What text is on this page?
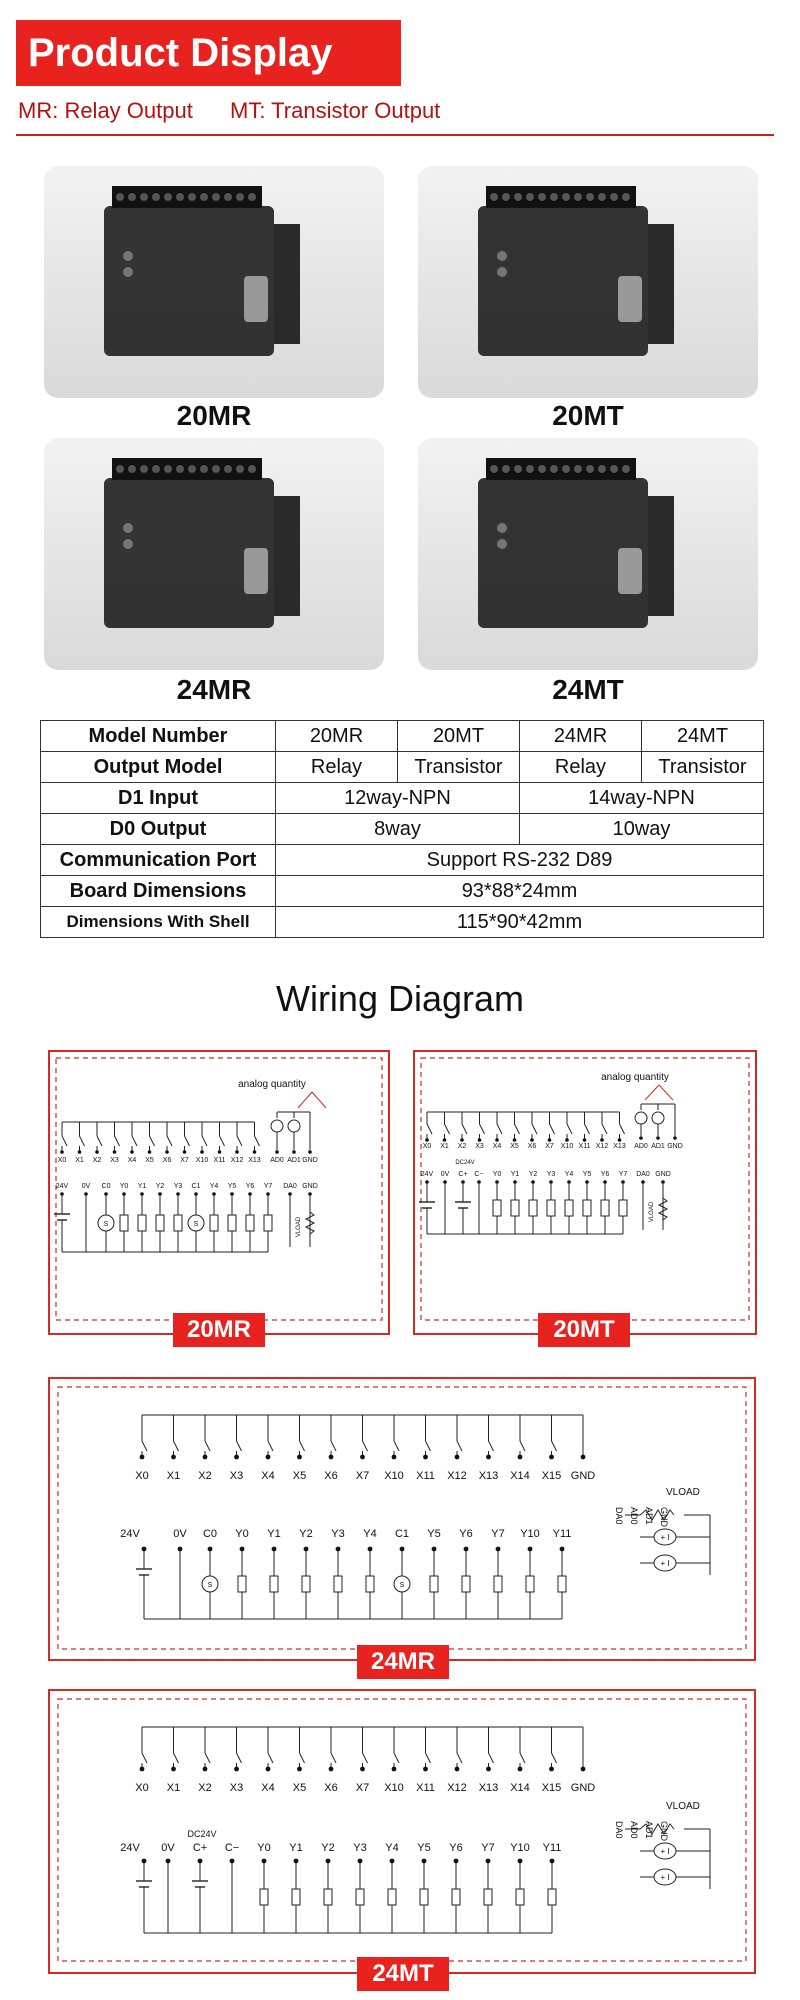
Product Display
MR: Relay Output MT: Transistor Output
20MR	20MT
24MR	24MT
Model Number	20MR	20MT	24MR	24MT
Output Model	Relay	Transistor	Relay	Transistor
D1 Input	12way-NPN		14way-NPN	
D0 Output	8way		10way	
Communication Port	Support RS-232 D89			
Board Dimensions	93*88*24mm			
Dimensions With Shell	115*90*42mm			
Wiring Diagram
analog quantity
X0 X1 X2 X3 X4 X5 X6 X7 X10 X11 X12 X13 AD0 AD1 GND
24V 0V C0
S
Y0 Y1 Y2 Y3 C1
S
Y4 Y5 Y6 Y7 DA0 GND
VLOAD
20MR
analog quantity
X0 X1 X2 X3 X4 X5 X6 X7 X10 X11 X12 X13 AD0 AD1 GND
DC24V
24V 0V C+ C− Y0 Y1 Y2 Y3 Y4 Y5 Y6 Y7 DA0 GND
VLOAD
20MT
X0 X1 X2 X3 X4 X5 X6 X7 X10 X11 X12 X13 X14 X15 GND
24V	0V C0
S
Y0 Y1 Y2 Y3 Y4 C1
S
Y5 Y6 Y7 Y10 Y11
DA0 AD0 AD1 GND
VLOAD
+ I
+ I
24MR
X0 X1 X2 X3 X4 X5 X6 X7 X10 X11 X12 X13 X14 X15 GND
DC24V
24V 0V C+ C− Y0 Y1 Y2 Y3 Y4 Y5 Y6 Y7 Y10 Y11
DA0 AD0 AD1 GND
VLOAD
+ I
+ I
24MT
